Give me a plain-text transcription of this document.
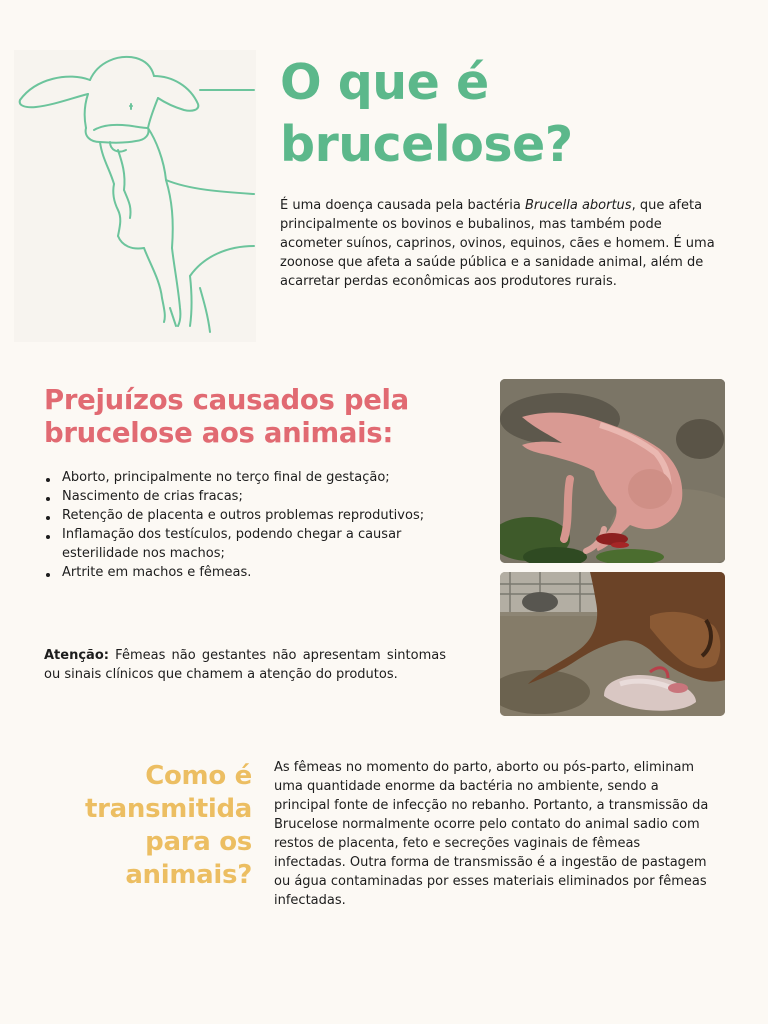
O que é
brucelose?

É uma doença causada pela bactéria Brucella abortus, que afeta principalmente os bovinos e bubalinos, mas também pode acometer suínos, caprinos, ovinos, equinos, cães e homem. É uma zoonose que afeta a saúde pública e a sanidade animal, além de acarretar perdas econômicas aos produtores rurais.

Prejuízos causados pela
brucelose aos animais:
Aborto, principalmente no terço final de gestação;
Nascimento de crias fracas;
Retenção de placenta e outros problemas reprodutivos;
Inflamação dos testículos, podendo chegar a causar esterilidade nos machos;
Artrite em machos e fêmeas.

Atenção: Fêmeas não gestantes não apresentam sintomas ou sinais clínicos que chamem a atenção do produtos.

Como é
transmitida
para os
animais?

As fêmeas no momento do parto, aborto ou pós-parto, eliminam uma quantidade enorme da bactéria no ambiente, sendo a principal fonte de infecção no rebanho. Portanto, a transmissão da Brucelose normalmente ocorre pelo contato do animal sadio com restos de placenta, feto e secreções vaginais de fêmeas infectadas. Outra forma de transmissão é a ingestão de pastagem ou água contaminadas por esses materiais eliminados por fêmeas infectadas.
